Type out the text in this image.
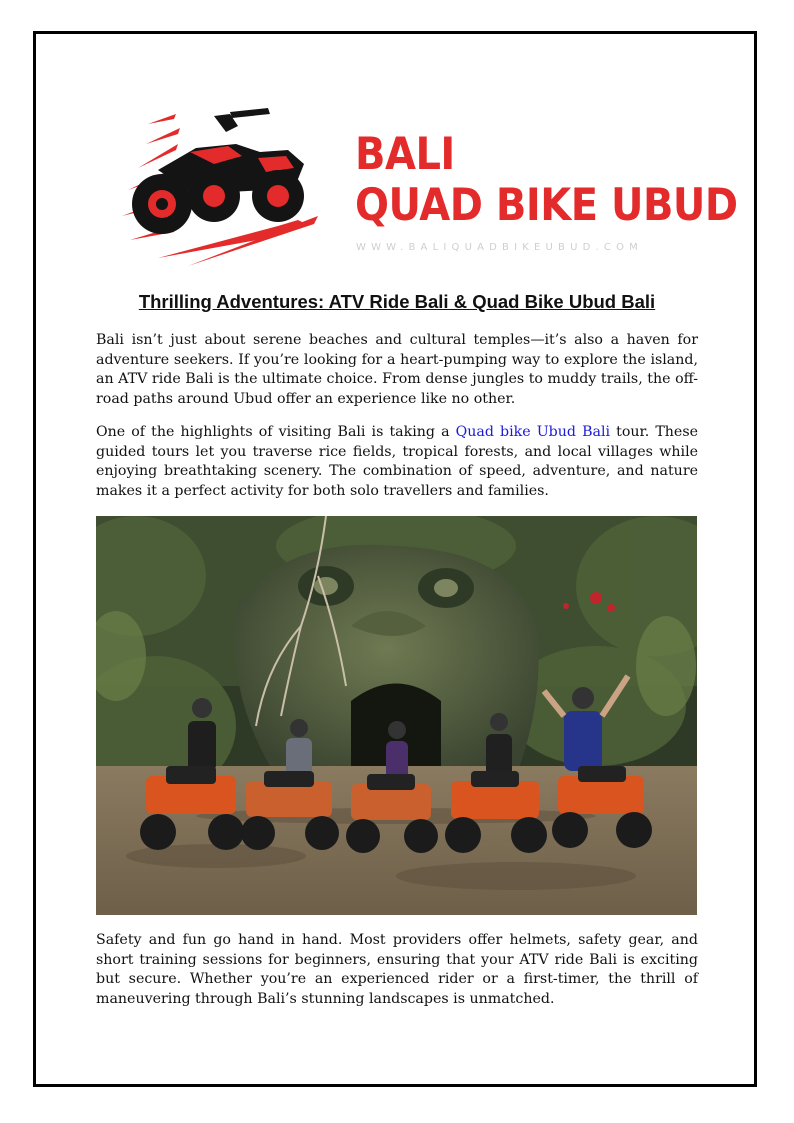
BALI
QUAD BIKE UBUD
WWW.BALIQUADBIKEUBUD.COM
Thrilling Adventures: ATV Ride Bali & Quad Bike Ubud Bali

Bali isn’t just about serene beaches and cultural temples—it’s also a haven for adventure seekers. If you’re looking for a heart-pumping way to explore the island, an ATV ride Bali is the ultimate choice. From dense jungles to muddy trails, the off-road paths around Ubud offer an experience like no other.

One of the highlights of visiting Bali is taking a Quad bike Ubud Bali tour. These guided tours let you traverse rice fields, tropical forests, and local villages while enjoying breathtaking scenery. The combination of speed, adventure, and nature makes it a perfect activity for both solo travellers and families.

Safety and fun go hand in hand. Most providers offer helmets, safety gear, and short training sessions for beginners, ensuring that your ATV ride Bali is exciting but secure. Whether you’re an experienced rider or a first-timer, the thrill of maneuvering through Bali’s stunning landscapes is unmatched.
